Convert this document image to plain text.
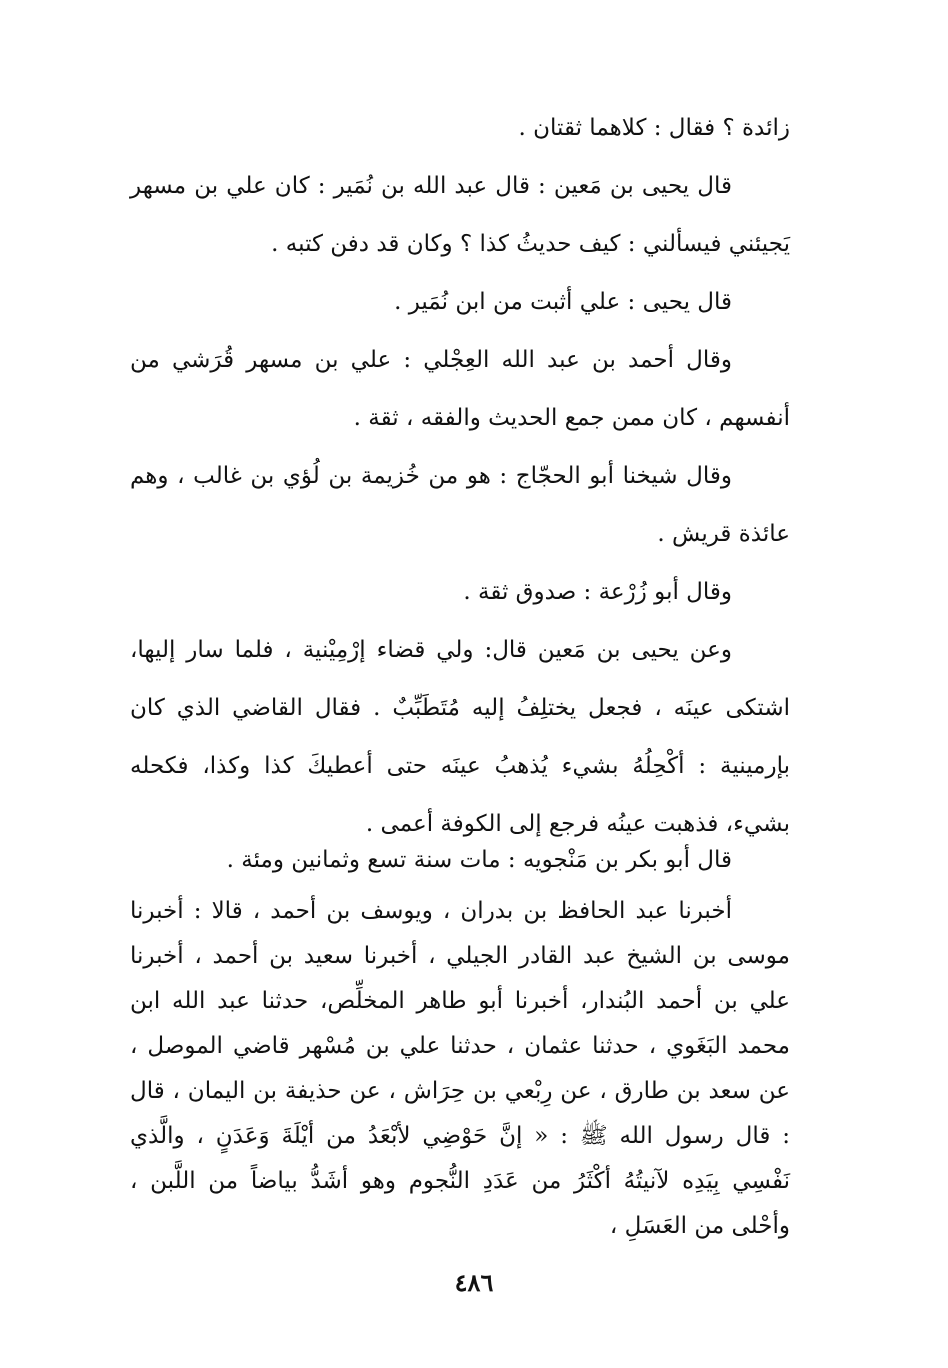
زائدة ؟ فقال : كلاهما ثقتان .

قال يحيى بن مَعين : قال عبد الله بن نُمَير : كان علي بن مسهر يَجيئني فيسألني : كيف حديثُ كذا ؟ وكان قد دفن كتبه .

قال يحيى : علي أثبت من ابن نُمَير .

وقال أحمد بن عبد الله العِجْلي : علي بن مسهر قُرَشي من أنفسهم ، كان ممن جمع الحديث والفقه ، ثقة .

وقال شيخنا أبو الحجّاج : هو من خُزيمة بن لُؤي بن غالب ، وهم عائذة قريش .

وقال أبو زُرْعة : صدوق ثقة .

وعن يحيى بن مَعين قال: ولي قضاء إرْمِيْنية ، فلما سار إليها، اشتكى عينَه ، فجعل يختلِفُ إليه مُتَطَبِّبٌ . فقال القاضي الذي كان بإرمينية : أكْحِلُهُ بشيء يُذهبُ عينَه حتى أعطيكَ كذا وكذا، فكحله بشيء، فذهبت عينُه فرجع إلى الكوفة أعمى .

قال أبو بكر بن مَنْجويه : مات سنة تسع وثمانين ومئة .

أخبرنا عبد الحافظ بن بدران ، ويوسف بن أحمد ، قالا : أخبرنا موسى بن الشيخ عبد القادر الجيلي ، أخبرنا سعيد بن أحمد ، أخبرنا علي بن أحمد البُندار، أخبرنا أبو طاهر المخلِّص، حدثنا عبد الله ابن محمد البَغَوي ، حدثنا عثمان ، حدثنا علي بن مُسْهر قاضي الموصل ، عن سعد بن طارق ، عن رِبْعي بن حِرَاش ، عن حذيفة بن اليمان ، قال : قال رسول الله ﷺ : « إنَّ حَوْضِي لأبْعَدُ من أيْلَةَ وَعَدَنٍ ، والَّذي نَفْسِي بِيَدِه لآنيتُهُ أكْثَرُ من عَدَدِ النُّجوم وهو أشَدُّ بياضاً من اللَّبن ، وأحْلى من العَسَلِ ،

٤٨٦
